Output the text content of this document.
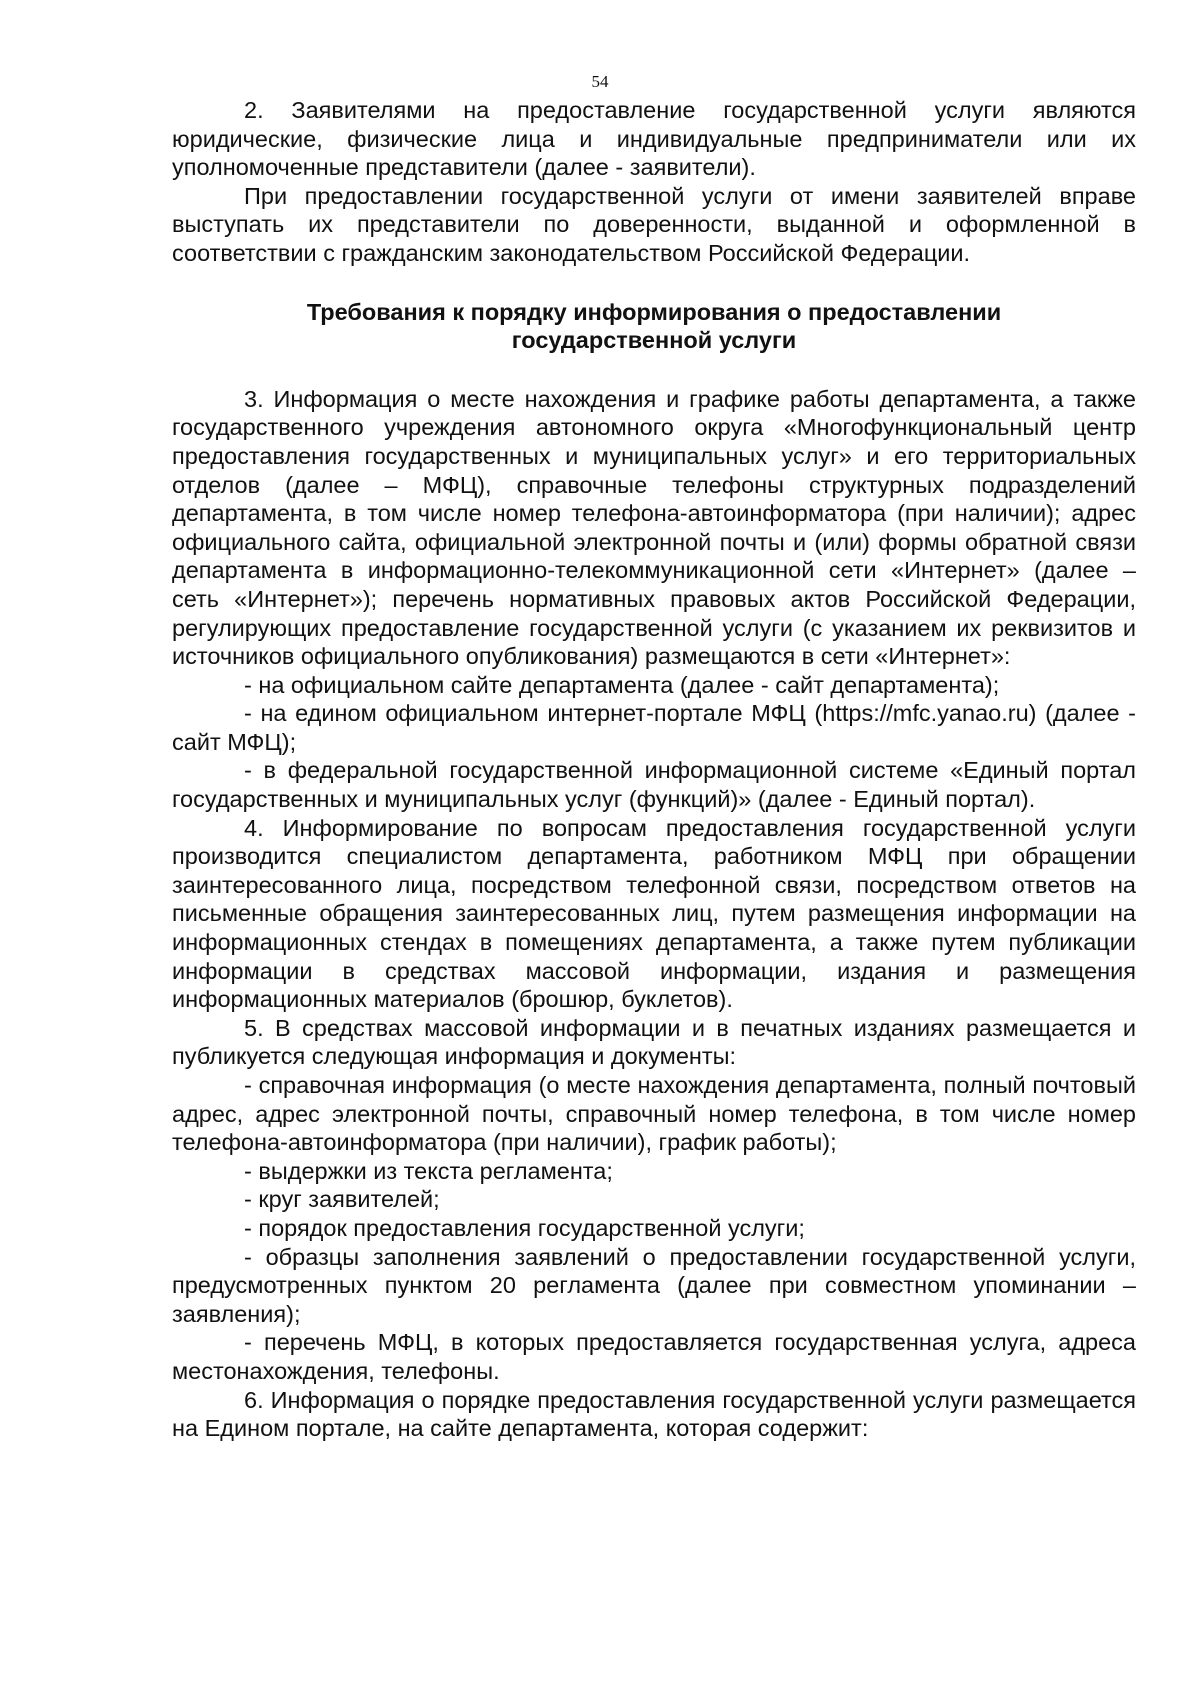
54

2. Заявителями на предоставление государственной услуги являются юридические, физические лица и индивидуальные предприниматели или их уполномоченные представители (далее - заявители).

При предоставлении государственной услуги от имени заявителей вправе выступать их представители по доверенности, выданной и оформленной в соответствии с гражданским законодательством Российской Федерации.

Требования к порядку информирования о предоставлении
государственной услуги

3. Информация о месте нахождения и графике работы департамента, а также государственного учреждения автономного округа «Многофункциональный центр предоставления государственных и муниципальных услуг» и его территориальных отделов (далее – МФЦ), справочные телефоны структурных подразделений департамента, в том числе номер телефона-автоинформатора (при наличии); адрес официального сайта, официальной электронной почты и (или) формы обратной связи департамента в информационно-телекоммуникационной сети «Интернет» (далее – сеть «Интернет»); перечень нормативных правовых актов Российской Федерации, регулирующих предоставление государственной услуги (с указанием их реквизитов и источников официального опубликования) размещаются в сети «Интернет»:

- на официальном сайте департамента (далее - сайт департамента);

- на едином официальном интернет-портале МФЦ (https://mfc.yanao.ru) (далее - сайт МФЦ);

- в федеральной государственной информационной системе «Единый портал государственных и муниципальных услуг (функций)» (далее - Единый портал).

4. Информирование по вопросам предоставления государственной услуги производится специалистом департамента, работником МФЦ при обращении заинтересованного лица, посредством телефонной связи, посредством ответов на письменные обращения заинтересованных лиц, путем размещения информации на информационных стендах в помещениях департамента, а также путем публикации информации в средствах массовой информации, издания и размещения информационных материалов (брошюр, буклетов).

5. В средствах массовой информации и в печатных изданиях размещается и публикуется следующая информация и документы:

- справочная информация (о месте нахождения департамента, полный почтовый адрес, адрес электронной почты, справочный номер телефона, в том числе номер телефона-автоинформатора (при наличии), график работы);

- выдержки из текста регламента;

- круг заявителей;

- порядок предоставления государственной услуги;

- образцы заполнения заявлений о предоставлении государственной услуги, предусмотренных пунктом 20 регламента (далее при совместном упоминании – заявления);

- перечень МФЦ, в которых предоставляется государственная услуга, адреса местонахождения, телефоны.

6. Информация о порядке предоставления государственной услуги размещается на Едином портале, на сайте департамента, которая содержит:
